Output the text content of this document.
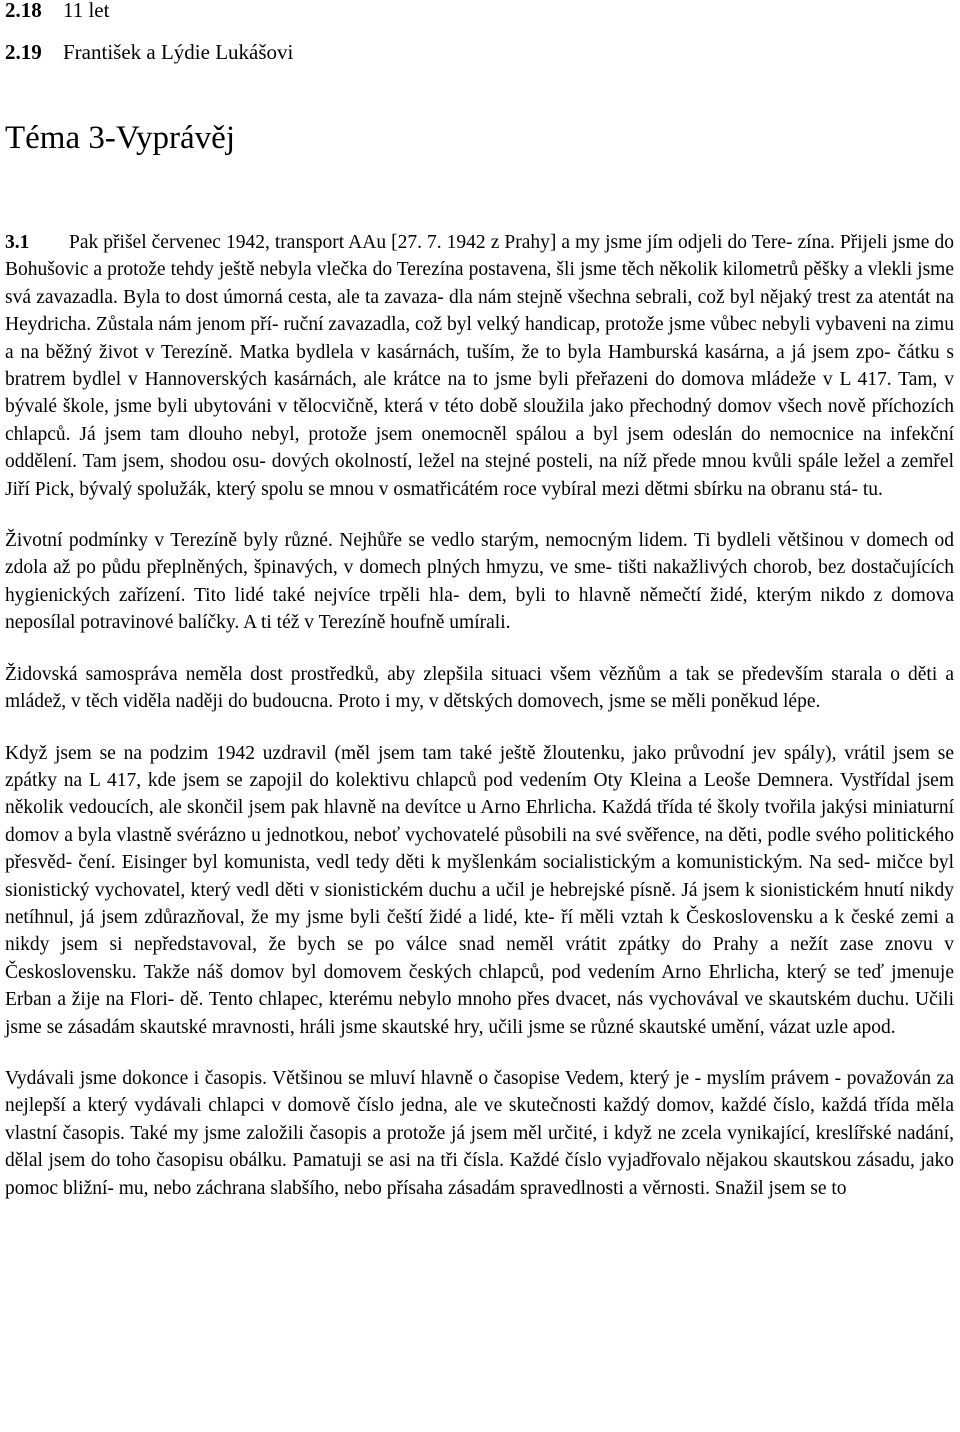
2.18 11 let
2.19 František a Lýdie Lukášovi
Téma 3-Vyprávěj

3.1 Pak přišel červenec 1942, transport AAu [27. 7. 1942 z Prahy] a my jsme jím odjeli do Tere- zína. Přijeli jsme do Bohušovic a protože tehdy ještě nebyla vlečka do Terezína postavena, šli jsme těch několik kilometrů pěšky a vlekli jsme svá zavazadla. Byla to dost úmorná cesta, ale ta zavaza- dla nám stejně všechna sebrali, což byl nějaký trest za atentát na Heydricha. Zůstala nám jenom pří- ruční zavazadla, což byl velký handicap, protože jsme vůbec nebyli vybaveni na zimu a na běžný život v Terezíně. Matka bydlela v kasárnách, tuším, že to byla Hamburská kasárna, a já jsem zpo- čátku s bratrem bydlel v Hannoverských kasárnách, ale krátce na to jsme byli přeřazeni do domova mládeže v L 417. Tam, v bývalé škole, jsme byli ubytováni v tělocvičně, která v této době sloužila jako přechodný domov všech nově příchozích chlapců. Já jsem tam dlouho nebyl, protože jsem onemocněl spálou a byl jsem odeslán do nemocnice na infekční oddělení. Tam jsem, shodou osu- dových okolností, ležel na stejné posteli, na níž přede mnou kvůli spále ležel a zemřel Jiří Pick, bývalý spolužák, který spolu se mnou v osmatřicátém roce vybíral mezi dětmi sbírku na obranu stá- tu.

Životní podmínky v Terezíně byly různé. Nejhůře se vedlo starým, nemocným lidem. Ti bydleli většinou v domech od zdola až po půdu přeplněných, špinavých, v domech plných hmyzu, ve sme- tišti nakažlivých chorob, bez dostačujících hygienických zařízení. Tito lidé také nejvíce trpěli hla- dem, byli to hlavně němečtí židé, kterým nikdo z domova neposílal potravinové balíčky. A ti též v Terezíně houfně umírali.

Židovská samospráva neměla dost prostředků, aby zlepšila situaci všem vězňům a tak se především starala o děti a mládež, v těch viděla naději do budoucna. Proto i my, v dětských domovech, jsme se měli poněkud lépe.

Když jsem se na podzim 1942 uzdravil (měl jsem tam také ještě žloutenku, jako průvodní jev spály), vrátil jsem se zpátky na L 417, kde jsem se zapojil do kolektivu chlapců pod vedením Oty Kleina a Leoše Demnera. Vystřídal jsem několik vedoucích, ale skončil jsem pak hlavně na devítce u Arno Ehrlicha. Každá třída té školy tvořila jakýsi miniaturní domov a byla vlastně svérázno u jednotkou, neboť vychovatelé působili na své svěřence, na děti, podle svého politického přesvěd- čení. Eisinger byl komunista, vedl tedy děti k myšlenkám socialistickým a komunistickým. Na sed- mičce byl sionistický vychovatel, který vedl děti v sionistickém duchu a učil je hebrejské písně. Já jsem k sionistickém hnutí nikdy netíhnul, já jsem zdůrazňoval, že my jsme byli čeští židé a lidé, kte- ří měli vztah k Československu a k české zemi a nikdy jsem si nepředstavoval, že bych se po válce snad neměl vrátit zpátky do Prahy a nežít zase znovu v Československu. Takže náš domov byl domovem českých chlapců, pod vedením Arno Ehrlicha, který se teď jmenuje Erban a žije na Flori- dě. Tento chlapec, kterému nebylo mnoho přes dvacet, nás vychovával ve skautském duchu. Učili jsme se zásadám skautské mravnosti, hráli jsme skautské hry, učili jsme se různé skautské umění, vázat uzle apod.

Vydávali jsme dokonce i časopis. Většinou se mluví hlavně o časopise Vedem, který je - myslím právem - považován za nejlepší a který vydávali chlapci v domově číslo jedna, ale ve skutečnosti každý domov, každé číslo, každá třída měla vlastní časopis. Také my jsme založili časopis a protože já jsem měl určité, i když ne zcela vynikající, kreslířské nadání, dělal jsem do toho časopisu obálku. Pamatuji se asi na tři čísla. Každé číslo vyjadřovalo nějakou skautskou zásadu, jako pomoc bližní- mu, nebo záchrana slabšího, nebo přísaha zásadám spravedlnosti a věrnosti. Snažil jsem se to
